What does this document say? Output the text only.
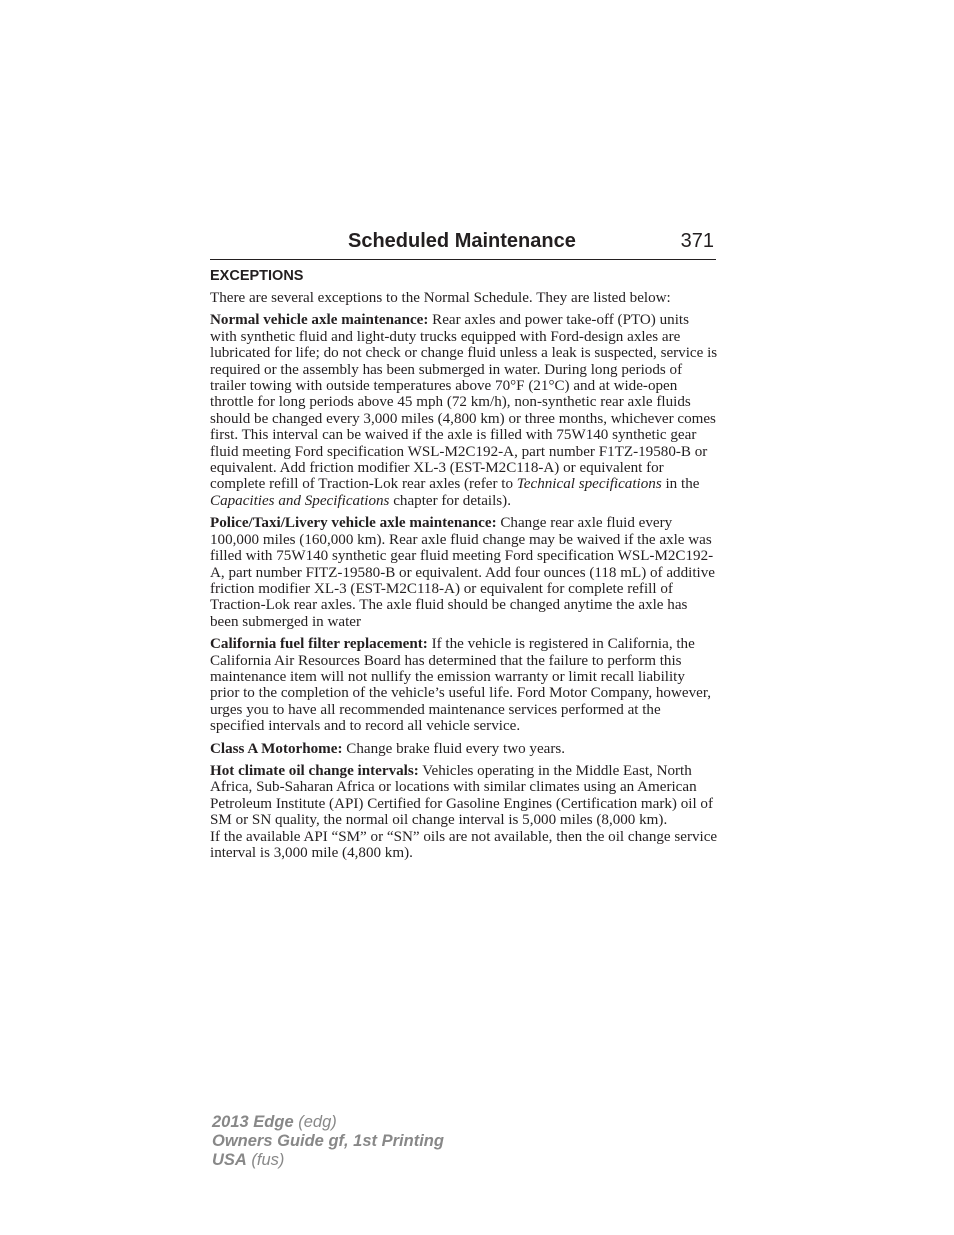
Scheduled Maintenance	371
EXCEPTIONS

There are several exceptions to the Normal Schedule. They are listed below:

Normal vehicle axle maintenance: Rear axles and power take-off (PTO) units with synthetic fluid and light-duty trucks equipped with Ford-design axles are lubricated for life; do not check or change fluid unless a leak is suspected, service is required or the assembly has been submerged in water. During long periods of trailer towing with outside temperatures above 70°F (21°C) and at wide-open throttle for long periods above 45 mph (72 km/h), non-synthetic rear axle fluids should be changed every 3,000 miles (4,800 km) or three months, whichever comes first. This interval can be waived if the axle is filled with 75W140 synthetic gear fluid meeting Ford specification WSL-M2C192-A, part number F1TZ-19580-B or equivalent. Add friction modifier XL-3 (EST-M2C118-A) or equivalent for complete refill of Traction-Lok rear axles (refer to Technical specifications in the Capacities and Specifications chapter for details).

Police/Taxi/Livery vehicle axle maintenance: Change rear axle fluid every 100,000 miles (160,000 km). Rear axle fluid change may be waived if the axle was filled with 75W140 synthetic gear fluid meeting Ford specification WSL-M2C192-A, part number FITZ-19580-B or equivalent. Add four ounces (118 mL) of additive friction modifier XL-3 (EST-M2C118-A) or equivalent for complete refill of Traction-Lok rear axles. The axle fluid should be changed anytime the axle has been submerged in water

California fuel filter replacement: If the vehicle is registered in California, the California Air Resources Board has determined that the failure to perform this maintenance item will not nullify the emission warranty or limit recall liability prior to the completion of the vehicle’s useful life. Ford Motor Company, however, urges you to have all recommended maintenance services performed at the specified intervals and to record all vehicle service.

Class A Motorhome: Change brake fluid every two years.

Hot climate oil change intervals: Vehicles operating in the Middle East, North Africa, Sub-Saharan Africa or locations with similar climates using an American Petroleum Institute (API) Certified for Gasoline Engines (Certification mark) oil of SM or SN quality, the normal oil change interval is 5,000 miles (8,000 km).

If the available API “SM” or “SN” oils are not available, then the oil change service interval is 3,000 mile (4,800 km).

2013 Edge (edg)
Owners Guide gf, 1st Printing
USA (fus)
